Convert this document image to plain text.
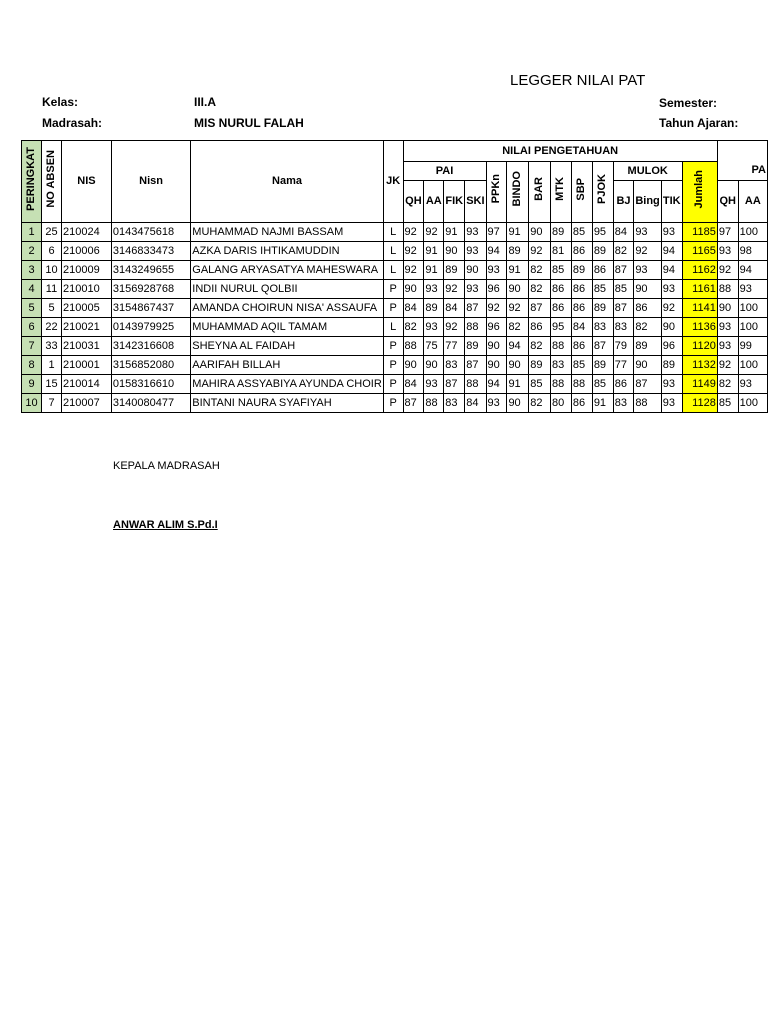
LEGGER NILAI PAT
Kelas:	III.A
Madrasah:	MIS NURUL FALAH
Semester:
Tahun Ajaran:
PERINGKAT	NO ABSEN	NIS	Nisn	Nama	JK	NILAI PENGETAHUAN															
						PAI				PPKn	BINDO	BAR	MTK	SBP	PJOK	MULOK			Jumlah	PA	
						QH	AA	FIK	SKI							BJ	Bing	TIK		QH	AA
1	25	210024	0143475618	MUHAMMAD NAJMI BASSAM	L	92	92	91	93	97	91	90	89	85	95	84	93	93	1185	97	100
2	6	210006	3146833473	AZKA DARIS IHTIKAMUDDIN	L	92	91	90	93	94	89	92	81	86	89	82	92	94	1165	93	98
3	10	210009	3143249655	GALANG ARYASATYA MAHESWARA	L	92	91	89	90	93	91	82	85	89	86	87	93	94	1162	92	94
4	11	210010	3156928768	INDII NURUL QOLBII	P	90	93	92	93	96	90	82	86	86	85	85	90	93	1161	88	93
5	5	210005	3154867437	AMANDA CHOIRUN NISA' ASSAUFA	P	84	89	84	87	92	92	87	86	86	89	87	86	92	1141	90	100
6	22	210021	0143979925	MUHAMMAD AQIL TAMAM	L	82	93	92	88	96	82	86	95	84	83	83	82	90	1136	93	100
7	33	210031	3142316608	SHEYNA AL FAIDAH	P	88	75	77	89	90	94	82	88	86	87	79	89	96	1120	93	99
8	1	210001	3156852080	AARIFAH BILLAH	P	90	90	83	87	90	90	89	83	85	89	77	90	89	1132	92	100
9	15	210014	0158316610	MAHIRA ASSYABIYA AYUNDA CHOIR	P	84	93	87	88	94	91	85	88	88	85	86	87	93	1149	82	93
10	7	210007	3140080477	BINTANI NAURA SYAFIYAH	P	87	88	83	84	93	90	82	80	86	91	83	88	93	1128	85	100
KEPALA MADRASAH
ANWAR ALIM S.Pd.I
